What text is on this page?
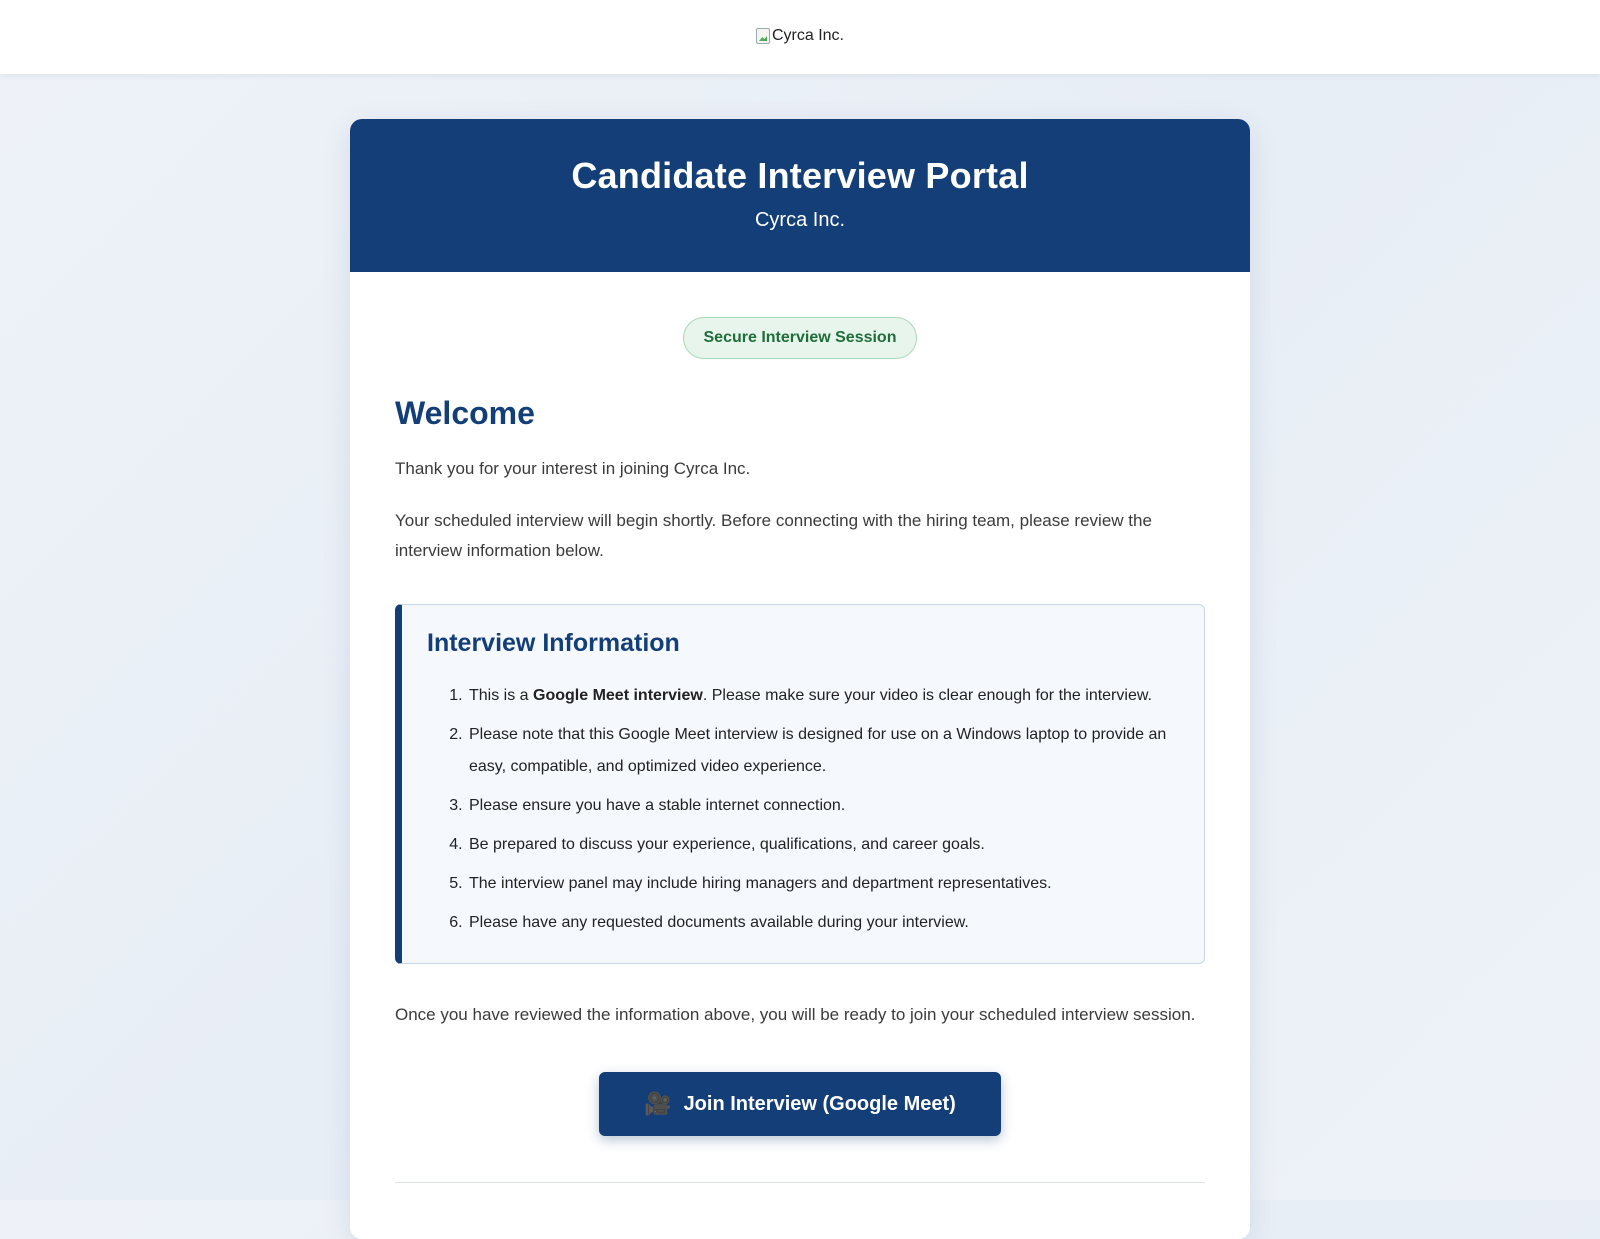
Cyrca Inc.
Candidate Interview Portal
Cyrca Inc.
Secure Interview Session
Welcome

Thank you for your interest in joining Cyrca Inc.

Your scheduled interview will begin shortly. Before connecting with the hiring team, please review the interview information below.

Interview Information
1. This is a Google Meet interview. Please make sure your video is clear enough for the interview.
2. Please note that this Google Meet interview is designed for use on a Windows laptop to provide an easy, compatible, and optimized video experience.
3. Please ensure you have a stable internet connection.
4. Be prepared to discuss your experience, qualifications, and career goals.
5. The interview panel may include hiring managers and department representatives.
6. Please have any requested documents available during your interview.

Once you have reviewed the information above, you will be ready to join your scheduled interview session.

🎥 Join Interview (Google Meet)
